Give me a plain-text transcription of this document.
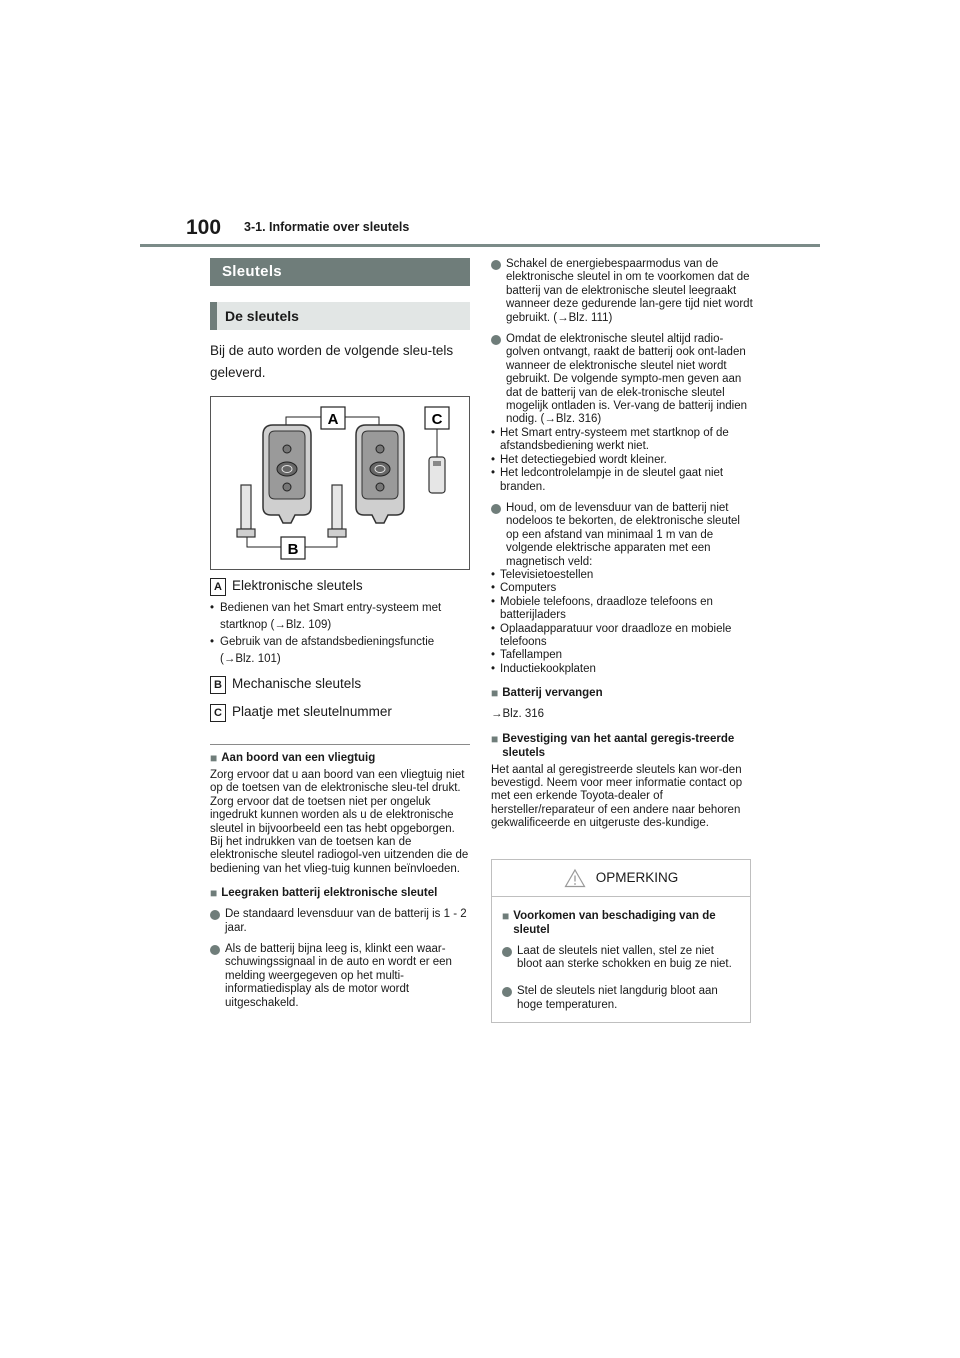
100 3-1. Informatie over sleutels
Sleutels
De sleutels
Bij de auto worden de volgende sleu-tels geleverd.
A	C
B
A Elektronische sleutels
• Bedienen van het Smart entry-systeem met startknop (→Blz. 109)
• Gebruik van de afstandsbedieningsfunctie (→Blz. 101)
B Mechanische sleutels
C Plaatje met sleutelnummer
■ Aan boord van een vliegtuig
Zorg ervoor dat u aan boord van een vliegtuig niet op de toetsen van de elektronische sleu-tel drukt. Zorg ervoor dat de toetsen niet per ongeluk ingedrukt kunnen worden als u de elektronische sleutel in bijvoorbeeld een tas hebt opgeborgen. Bij het indrukken van de toetsen kan de elektronische sleutel radiogol-ven uitzenden die de bediening van het vlieg-tuig kunnen beïnvloeden.
■ Leegraken batterij elektronische sleutel
De standaard levensduur van de batterij is 1 - 2 jaar.
Als de batterij bijna leeg is, klinkt een waar-schuwingssignaal in de auto en wordt er een melding weergegeven op het multi-informatiedisplay als de motor wordt uitgeschakeld.
Schakel de energiebespaarmodus van de elektronische sleutel in om te voorkomen dat de batterij van de elektronische sleutel leegraakt wanneer deze gedurende lan-gere tijd niet wordt gebruikt. (→Blz. 111)
Omdat de elektronische sleutel altijd radio-golven ontvangt, raakt de batterij ook ont-laden wanneer de elektronische sleutel niet wordt gebruikt. De volgende sympto-men geven aan dat de batterij van de elek-tronische sleutel mogelijk ontladen is. Ver-vang de batterij indien nodig. (→Blz. 316)
• Het Smart entry-systeem met startknop of de afstandsbediening werkt niet.
• Het detectiegebied wordt kleiner.
• Het ledcontrolelampje in de sleutel gaat niet branden.
Houd, om de levensduur van de batterij niet nodeloos te bekorten, de elektronische sleutel op een afstand van minimaal 1 m van de volgende elektrische apparaten met een magnetisch veld:
• Televisietoestellen
• Computers
• Mobiele telefoons, draadloze telefoons en batterijladers
• Oplaadapparatuur voor draadloze en mobiele telefoons
• Tafellampen
• Inductiekookplaten
■ Batterij vervangen
→Blz. 316
■ Bevestiging van het aantal geregis-treerde sleutels
Het aantal al geregistreerde sleutels kan wor-den bevestigd. Neem voor meer informatie contact op met een erkende Toyota-dealer of hersteller/reparateur of een andere naar behoren gekwalificeerde en uitgeruste des-kundige.
OPMERKING
■ Voorkomen van beschadiging van de sleutel
Laat de sleutels niet vallen, stel ze niet bloot aan sterke schokken en buig ze niet.
Stel de sleutels niet langdurig bloot aan hoge temperaturen.
